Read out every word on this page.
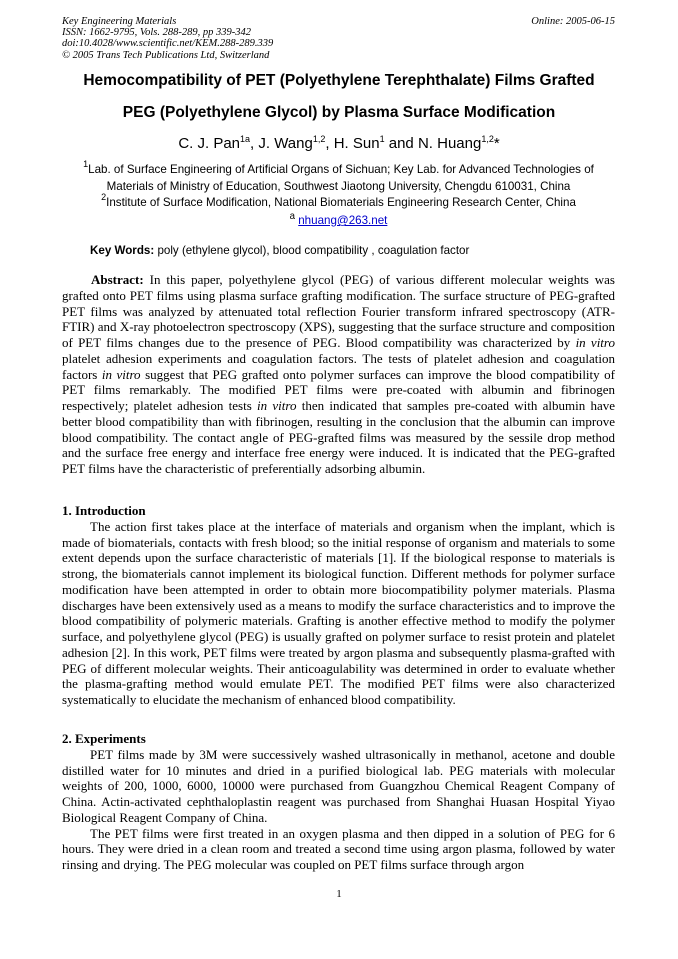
Key Engineering Materials
ISSN: 1662-9795, Vols. 288-289, pp 339-342
doi:10.4028/www.scientific.net/KEM.288-289.339
© 2005 Trans Tech Publications Ltd, Switzerland
Online: 2005-06-15
Hemocompatibility of PET (Polyethylene Terephthalate) Films Grafted
PEG (Polyethylene Glycol) by Plasma Surface Modification
C. J. Pan$^{1a}$, J. Wang$^{1,2}$, H. Sun$^1$ and N. Huang$^{1,2}$*
$^1$Lab. of Surface Engineering of Artificial Organs of Sichuan; Key Lab. for Advanced Technologies of
Materials of Ministry of Education, Southwest Jiaotong University, Chengdu 610031, China
$^2$Institute of Surface Modification, National Biomaterials Engineering Research Center, China
$^a$ nhuang@263.net
Key Words: poly (ethylene glycol), blood compatibility , coagulation factor
Abstract: In this paper, polyethylene glycol (PEG) of various different molecular weights was grafted onto PET films using plasma surface grafting modification. The surface structure of PEG-grafted PET films was analyzed by attenuated total reflection Fourier transform infrared spectroscopy (ATR-FTIR) and X-ray photoelectron spectroscopy (XPS), suggesting that the surface structure and composition of PET films changes due to the presence of PEG. Blood compatibility was characterized by in vitro platelet adhesion experiments and coagulation factors. The tests of platelet adhesion and coagulation factors in vitro suggest that PEG grafted onto polymer surfaces can improve the blood compatibility of PET films remarkably. The modified PET films were pre-coated with albumin and fibrinogen respectively; platelet adhesion tests in vitro then indicated that samples pre-coated with albumin have better blood compatibility than with fibrinogen, resulting in the conclusion that the albumin can improve blood compatibility. The contact angle of PEG-grafted films was measured by the sessile drop method and the surface free energy and interface free energy were induced. It is indicated that the PEG-grafted PET films have the characteristic of preferentially adsorbing albumin.
1. Introduction

The action first takes place at the interface of materials and organism when the implant, which is made of biomaterials, contacts with fresh blood; so the initial response of organism and materials to some extent depends upon the surface characteristic of materials [1]. If the biological response to materials is strong, the biomaterials cannot implement its biological function. Different methods for polymer surface modification have been attempted in order to obtain more biocompatibility polymer materials. Plasma discharges have been extensively used as a means to modify the surface characteristics and to improve the blood compatibility of polymeric materials. Grafting is another effective method to modify the polymer surface, and polyethylene glycol (PEG) is usually grafted on polymer surface to resist protein and platelet adhesion [2]. In this work, PET films were treated by argon plasma and subsequently plasma-grafted with PEG of different molecular weights. Their anticoagulability was determined in order to evaluate whether the plasma-grafting method would emulate PET. The modified PET films were also characterized systematically to elucidate the mechanism of enhanced blood compatibility.

2. Experiments

PET films made by 3M were successively washed ultrasonically in methanol, acetone and double distilled water for 10 minutes and dried in a purified biological lab. PEG materials with molecular weights of 200, 1000, 6000, 10000 were purchased from Guangzhou Chemical Reagent Company of China. Actin-activated cephthaloplastin reagent was purchased from Shanghai Huasan Hospital Yiyao Biological Reagent Company of China.

The PET films were first treated in an oxygen plasma and then dipped in a solution of PEG for 6 hours. They were dried in a clean room and treated a second time using argon plasma, followed by water rinsing and drying. The PEG molecular was coupled on PET films surface through argon

1
